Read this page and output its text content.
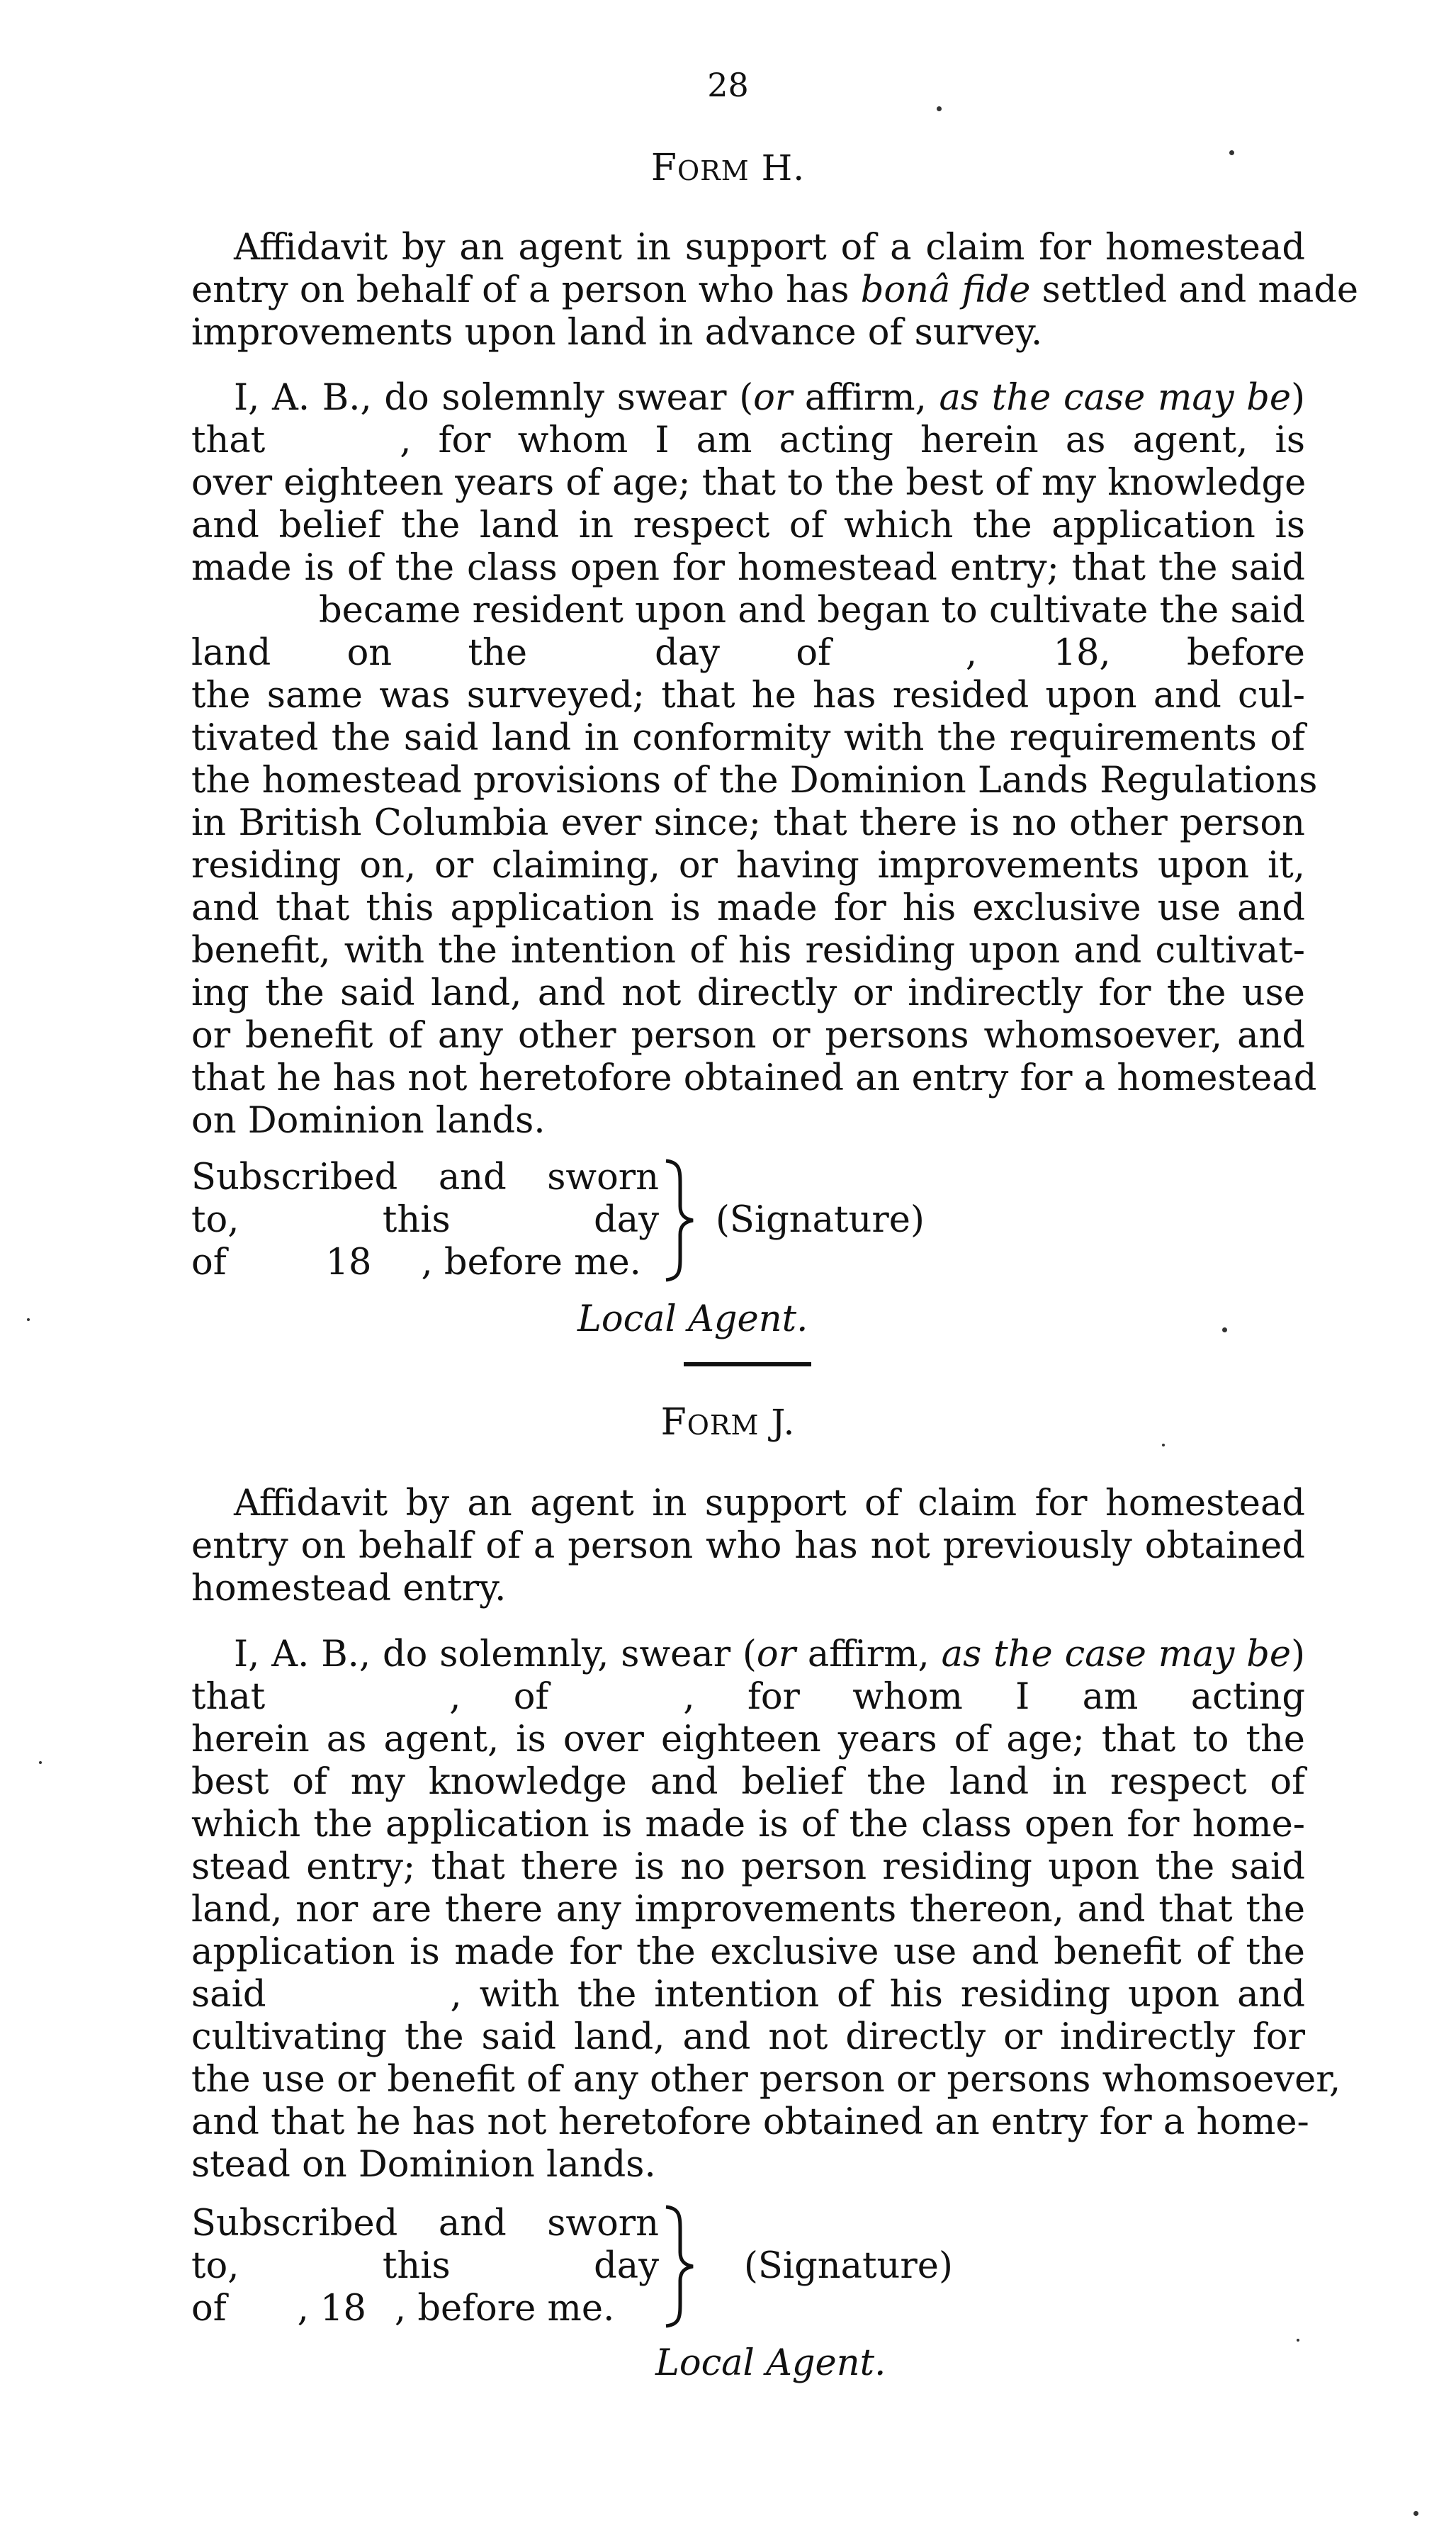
28
FORM H.
Affidavit by an agent in support of a claim for homestead
entry on behalf of a person who has bonâ fide settled and made
improvements upon land in advance of survey.
I, A. B., do solemnly swear (or affirm, as the case may be)
that	, for whom I am acting herein as agent, is
over eighteen years of age; that to the best of my knowledge
and belief the land in respect of which the application is
made is of the class open for homestead entry; that the said
became resident upon and began to cultivate the said
land on the	day of	, 18, before
the same was surveyed; that he has resided upon and cul-
tivated the said land in conformity with the requirements of
the homestead provisions of the Dominion Lands Regulations
in British Columbia ever since; that there is no other person
residing on, or claiming, or having improvements upon it,
and that this application is made for his exclusive use and
benefit, with the intention of his residing upon and cultivat-
ing the said land, and not directly or indirectly for the use
or benefit of any other person or persons whomsoever, and
that he has not heretofore obtained an entry for a homestead
on Dominion lands.
Subscribed and sworn
to, this	day
of	18 , before me.
(Signature)
Local Agent.
FORM J.
Affidavit by an agent in support of claim for homestead
entry on behalf of a person who has not previously obtained
homestead entry.
I, A. B., do solemnly, swear (or affirm, as the case may be)
that	, of	, for whom I am acting
herein as agent, is over eighteen years of age; that to the
best of my knowledge and belief the land in respect of
which the application is made is of the class open for home-
stead entry; that there is no person residing upon the said
land, nor are there any improvements thereon, and that the
application is made for the exclusive use and benefit of the
said	, with the intention of his residing upon and
cultivating the said land, and not directly or indirectly for
the use or benefit of any other person or persons whomsoever,
and that he has not heretofore obtained an entry for a home-
stead on Dominion lands.
Subscribed and sworn
to, this	day
of , 18 , before me.
(Signature)
Local Agent.
